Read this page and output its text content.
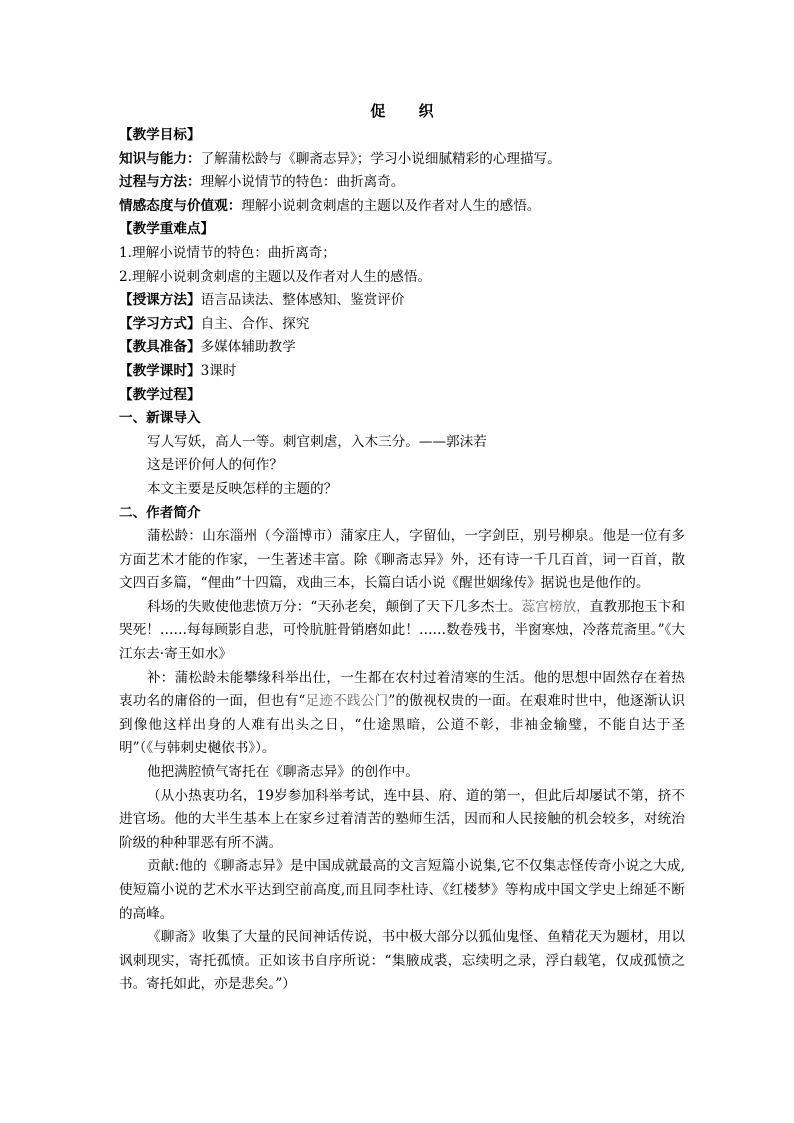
促 织
【教学目标】
知识与能力：了解蒲松龄与《聊斋志异》；学习小说细腻精彩的心理描写。
过程与方法：理解小说情节的特色：曲折离奇。
情感态度与价值观：理解小说刺贪刺虐的主题以及作者对人生的感悟。
【教学重难点】
1.理解小说情节的特色：曲折离奇；
2.理解小说刺贪刺虐的主题以及作者对人生的感悟。
【授课方法】语言品读法、整体感知、鉴赏评价
【学习方式】自主、合作、探究
【教具准备】多媒体辅助教学
【教学课时】3课时
【教学过程】
一、新课导入
写人写妖，高人一等。刺官刺虐，入木三分。——郭沫若
这是评价何人的何作？
本文主要是反映怎样的主题的？
二、作者简介

蒲松龄：山东淄州（今淄博市）蒲家庄人，字留仙，一字剑臣，别号柳泉。他是一位有多方面艺术才能的作家，一生著述丰富。除《聊斋志异》外，还有诗一千几百首，词一百首，散文四百多篇，“俚曲”十四篇，戏曲三本，长篇白话小说《醒世姻缘传》据说也是他作的。

科场的失败使他悲愤万分：“天孙老矣，颠倒了天下几多杰士。蕊宫榜放，直教那抱玉卞和哭死！……每每顾影自悲，可怜肮脏骨销磨如此！……数卷残书，半窗寒烛，冷落荒斋里。”《大江东去·寄王如水》

补：蒲松龄未能攀缘科举出仕，一生都在农村过着清寒的生活。他的思想中固然存在着热衷功名的庸俗的一面，但也有“足迹不践公门”的傲视权贵的一面。在艰难时世中，他逐渐认识到像他这样出身的人难有出头之日，“仕途黑暗，公道不彰，非袖金输璧，不能自达于圣明”（《与韩刺史樾依书》）。

他把满腔愤气寄托在《聊斋志异》的创作中。

（从小热衷功名，19岁参加科举考试，连中县、府、道的第一，但此后却屡试不第，挤不进官场。他的大半生基本上在家乡过着清苦的塾师生活，因而和人民接触的机会较多，对统治阶级的种种罪恶有所不满。

贡献:他的《聊斋志异》是中国成就最高的文言短篇小说集,它不仅集志怪传奇小说之大成,使短篇小说的艺术水平达到空前高度,而且同李杜诗、《红楼梦》等构成中国文学史上绵延不断的高峰。

《聊斋》收集了大量的民间神话传说，书中极大部分以狐仙鬼怪、鱼精花天为题材，用以讽刺现实，寄托孤愤。正如该书自序所说：“集腋成裘，忘续明之录，浮白载笔，仅成孤愤之书。寄托如此，亦是悲矣。”）
